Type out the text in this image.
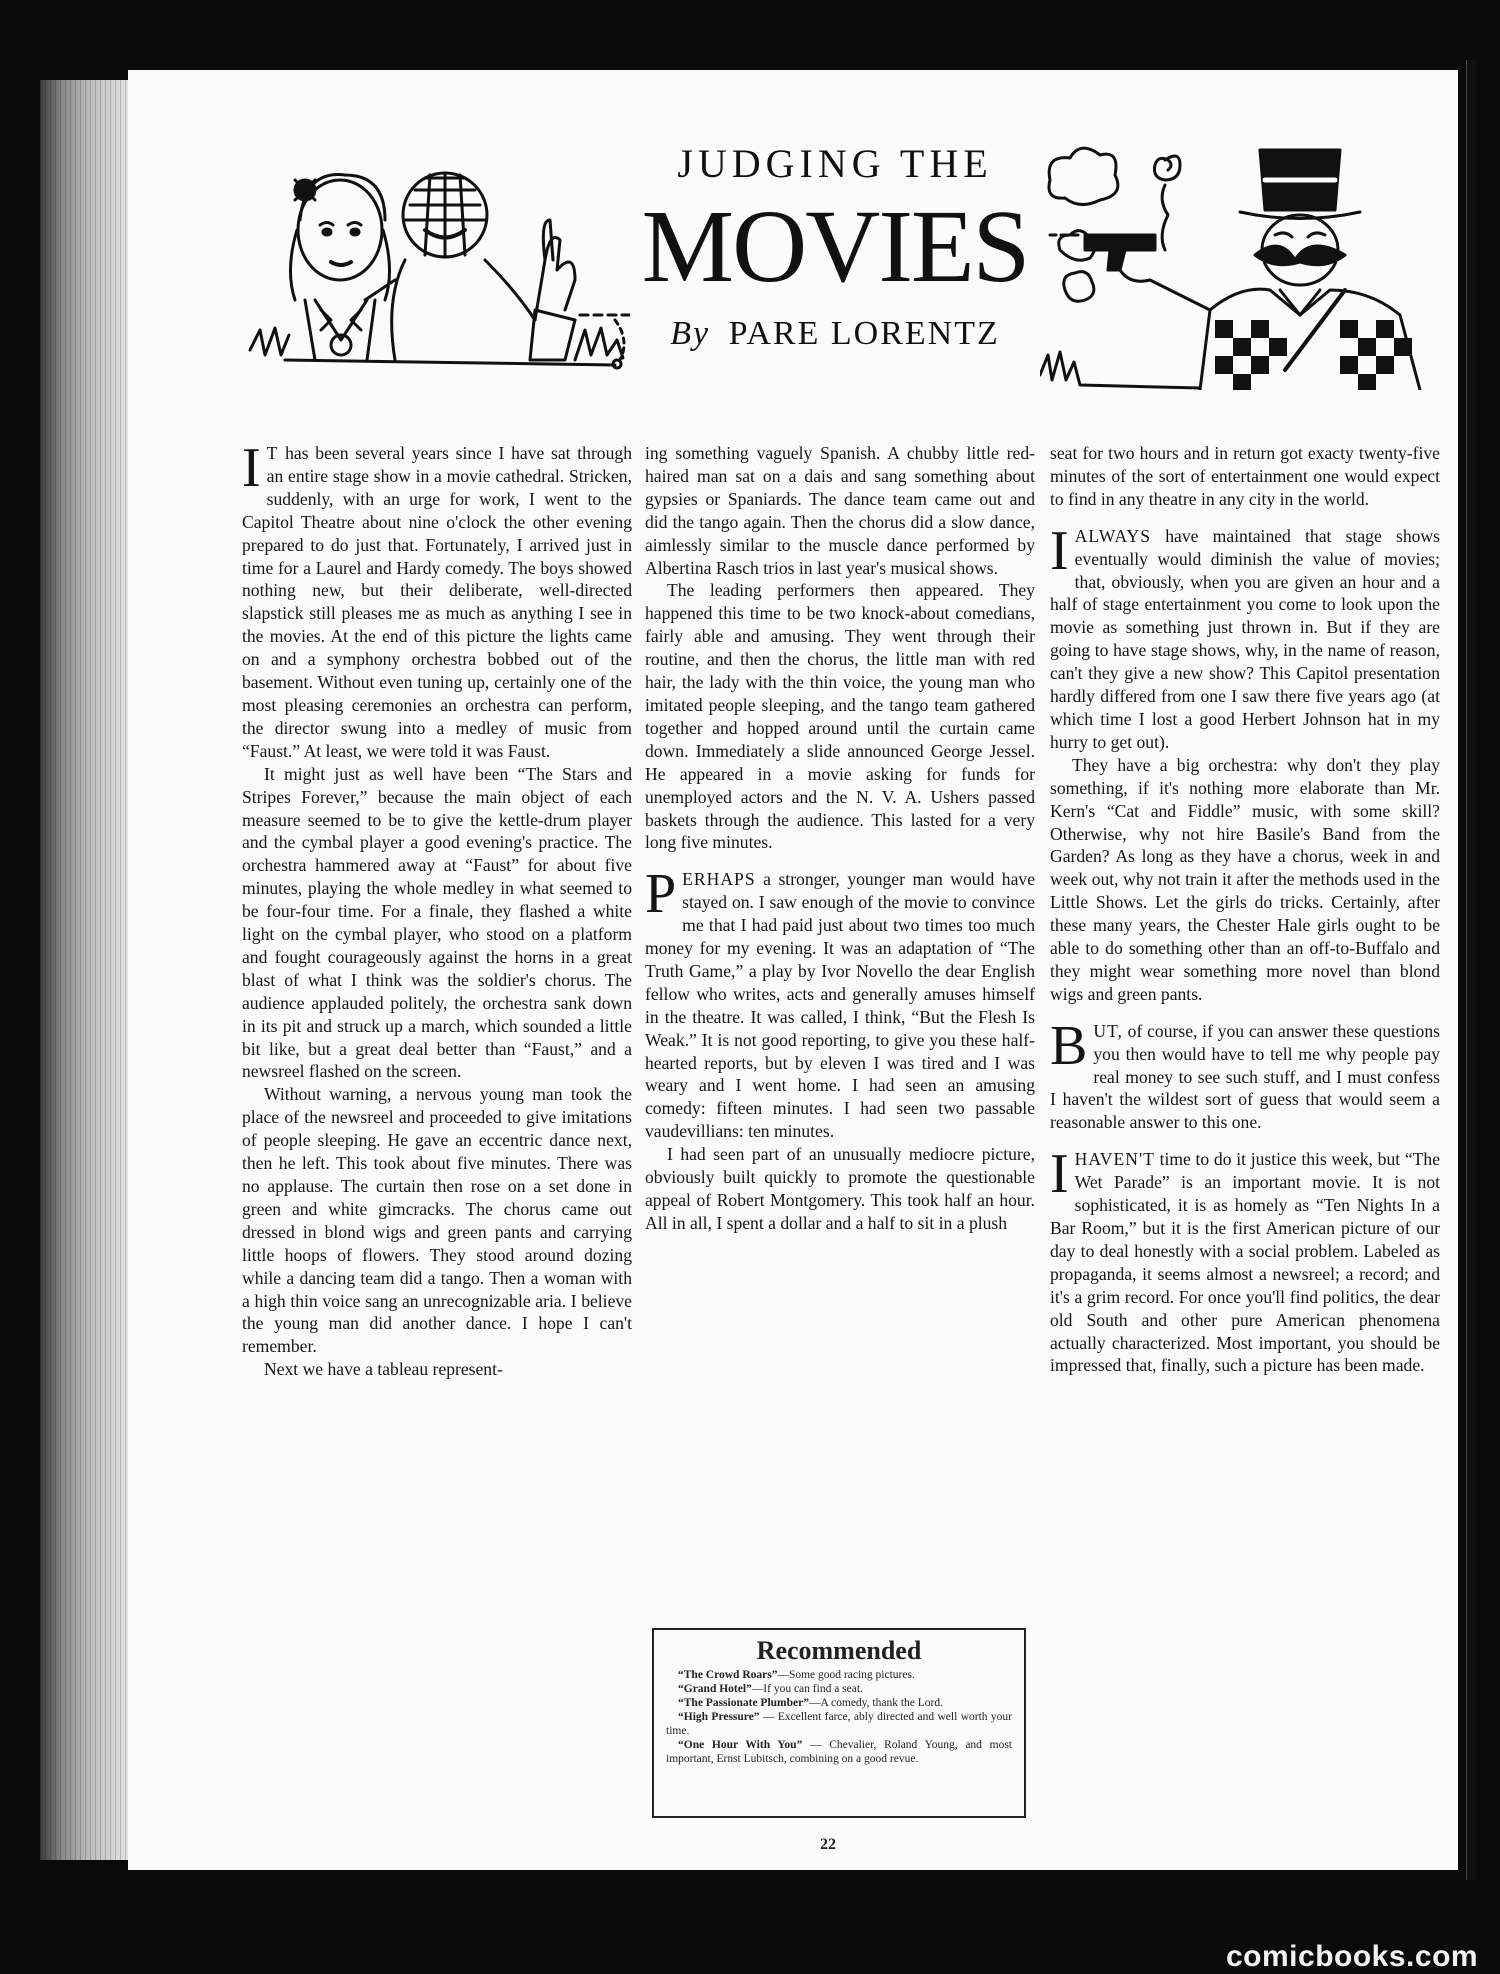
JUDGING THE
MOVIES
By PARE LORENTZ

I T has been several years since I have sat through an entire stage show in a movie cathedral. Stricken, suddenly, with an urge for work, I went to the Capitol Theatre about nine o'clock the other evening prepared to do just that. Fortunately, I arrived just in time for a Laurel and Hardy comedy. The boys showed nothing new, but their deliberate, well-directed slapstick still pleases me as much as anything I see in the movies. At the end of this picture the lights came on and a symphony orchestra bobbed out of the basement. Without even tuning up, certainly one of the most pleasing ceremonies an orchestra can perform, the director swung into a medley of music from “Faust.” At least, we were told it was Faust.

It might just as well have been “The Stars and Stripes Forever,” because the main object of each measure seemed to be to give the kettle-drum player and the cymbal player a good evening's practice. The orchestra hammered away at “Faust” for about five minutes, playing the whole medley in what seemed to be four-four time. For a finale, they flashed a white light on the cymbal player, who stood on a platform and fought courageously against the horns in a great blast of what I think was the soldier's chorus. The audience applauded politely, the orchestra sank down in its pit and struck up a march, which sounded a little bit like, but a great deal better than “Faust,” and a newsreel flashed on the screen.

Without warning, a nervous young man took the place of the newsreel and proceeded to give imitations of people sleeping. He gave an eccentric dance next, then he left. This took about five minutes. There was no applause. The curtain then rose on a set done in green and white gimcracks. The chorus came out dressed in blond wigs and green pants and carrying little hoops of flowers. They stood around dozing while a dancing team did a tango. Then a woman with a high thin voice sang an unrecognizable aria. I believe the young man did another dance. I hope I can't remember.

Next we have a tableau represent-

ing something vaguely Spanish. A chubby little red-haired man sat on a dais and sang something about gypsies or Spaniards. The dance team came out and did the tango again. Then the chorus did a slow dance, aimlessly similar to the muscle dance performed by Albertina Rasch trios in last year's musical shows.

The leading performers then appeared. They happened this time to be two knock-about comedians, fairly able and amusing. They went through their routine, and then the chorus, the little man with red hair, the lady with the thin voice, the young man who imitated people sleeping, and the tango team gathered together and hopped around until the curtain came down. Immediately a slide announced George Jessel. He appeared in a movie asking for funds for unemployed actors and the N. V. A. Ushers passed baskets through the audience. This lasted for a very long five minutes.

PERHAPS a stronger, younger man would have stayed on. I saw enough of the movie to convince me that I had paid just about two times too much money for my evening. It was an adaptation of “The Truth Game,” a play by Ivor Novello the dear English fellow who writes, acts and generally amuses himself in the theatre. It was called, I think, “But the Flesh Is Weak.” It is not good reporting, to give you these half-hearted reports, but by eleven I was tired and I was weary and I went home. I had seen an amusing comedy: fifteen minutes. I had seen two passable vaudevillians: ten minutes.

I had seen part of an unusually mediocre picture, obviously built quickly to promote the questionable appeal of Robert Montgomery. This took half an hour. All in all, I spent a dollar and a half to sit in a plush

seat for two hours and in return got exacty twenty-five minutes of the sort of entertainment one would expect to find in any theatre in any city in the world.

IALWAYS have maintained that stage shows eventually would diminish the value of movies; that, obviously, when you are given an hour and a half of stage entertainment you come to look upon the movie as something just thrown in. But if they are going to have stage shows, why, in the name of reason, can't they give a new show? This Capitol presentation hardly differed from one I saw there five years ago (at which time I lost a good Herbert Johnson hat in my hurry to get out).

They have a big orchestra: why don't they play something, if it's nothing more elaborate than Mr. Kern's “Cat and Fiddle” music, with some skill? Otherwise, why not hire Basile's Band from the Garden? As long as they have a chorus, week in and week out, why not train it after the methods used in the Little Shows. Let the girls do tricks. Certainly, after these many years, the Chester Hale girls ought to be able to do something other than an off-to-Buffalo and they might wear something more novel than blond wigs and green pants.

BUT, of course, if you can answer these questions you then would have to tell me why people pay real money to see such stuff, and I must confess I haven't the wildest sort of guess that would seem a reasonable answer to this one.

IHAVEN'T time to do it justice this week, but “The Wet Parade” is an important movie. It is not sophisticated, it is as homely as “Ten Nights In a Bar Room,” but it is the first American picture of our day to deal honestly with a social problem. Labeled as propaganda, it seems almost a newsreel; a record; and it's a grim record. For once you'll find politics, the dear old South and other pure American phenomena actually characterized. Most important, you should be impressed that, finally, such a picture has been made.

Recommended
“The Crowd Roars”—Some good racing pictures.
“Grand Hotel”—If you can find a seat.
“The Passionate Plumber”—A comedy, thank the Lord.
“High Pressure” — Excellent farce, ably directed and well worth your time.
“One Hour With You” — Chevalier, Roland Young, and most important, Ernst Lubitsch, combining on a good revue.
22
comicbooks.com
